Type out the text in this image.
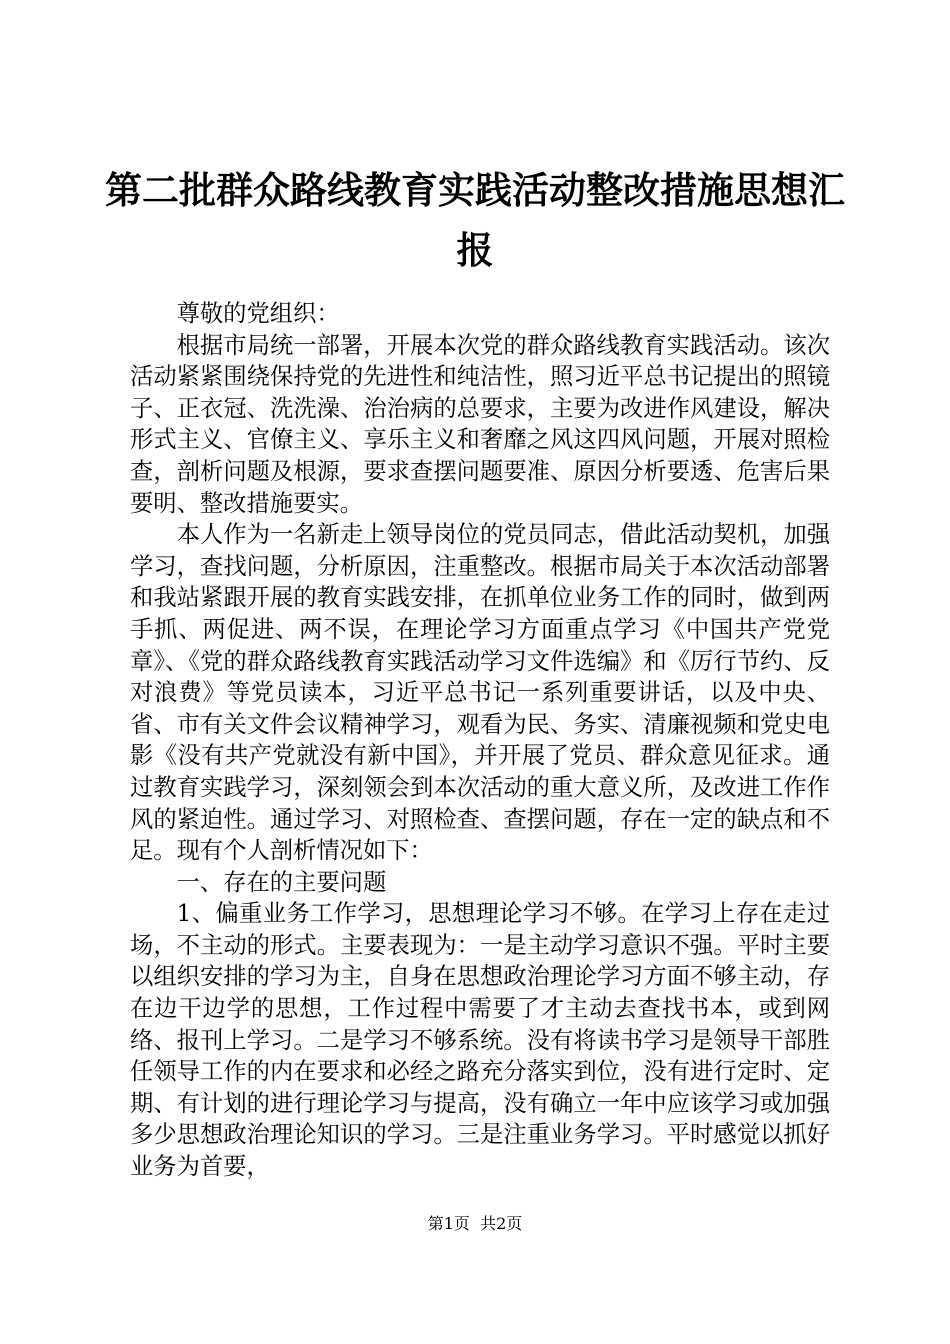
第二批群众路线教育实践活动整改措施思想汇报

尊敬的党组织：

根据市局统一部署，开展本次党的群众路线教育实践活动。该次活动紧紧围绕保持党的先进性和纯洁性，照习近平总书记提出的照镜子、正衣冠、洗洗澡、治治病的总要求，主要为改进作风建设，解决形式主义、官僚主义、享乐主义和奢靡之风这四风问题，开展对照检查，剖析问题及根源，要求查摆问题要准、原因分析要透、危害后果要明、整改措施要实。

本人作为一名新走上领导岗位的党员同志，借此活动契机，加强学习，查找问题，分析原因，注重整改。根据市局关于本次活动部署和我站紧跟开展的教育实践安排，在抓单位业务工作的同时，做到两手抓、两促进、两不误，在理论学习方面重点学习《中国共产党党章》、《党的群众路线教育实践活动学习文件选编》和《厉行节约、反对浪费》等党员读本，习近平总书记一系列重要讲话，以及中央、省、市有关文件会议精神学习，观看为民、务实、清廉视频和党史电影《没有共产党就没有新中国》，并开展了党员、群众意见征求。通过教育实践学习，深刻领会到本次活动的重大意义所，及改进工作作风的紧迫性。通过学习、对照检查、查摆问题，存在一定的缺点和不足。现有个人剖析情况如下：

一、存在的主要问题

1、偏重业务工作学习，思想理论学习不够。在学习上存在走过场，不主动的形式。主要表现为：一是主动学习意识不强。平时主要以组织安排的学习为主，自身在思想政治理论学习方面不够主动，存在边干边学的思想，工作过程中需要了才主动去查找书本，或到网络、报刊上学习。二是学习不够系统。没有将读书学习是领导干部胜任领导工作的内在要求和必经之路充分落实到位，没有进行定时、定期、有计划的进行理论学习与提高，没有确立一年中应该学习或加强多少思想政治理论知识的学习。三是注重业务学习。平时感觉以抓好业务为首要，

第1页  共2页
